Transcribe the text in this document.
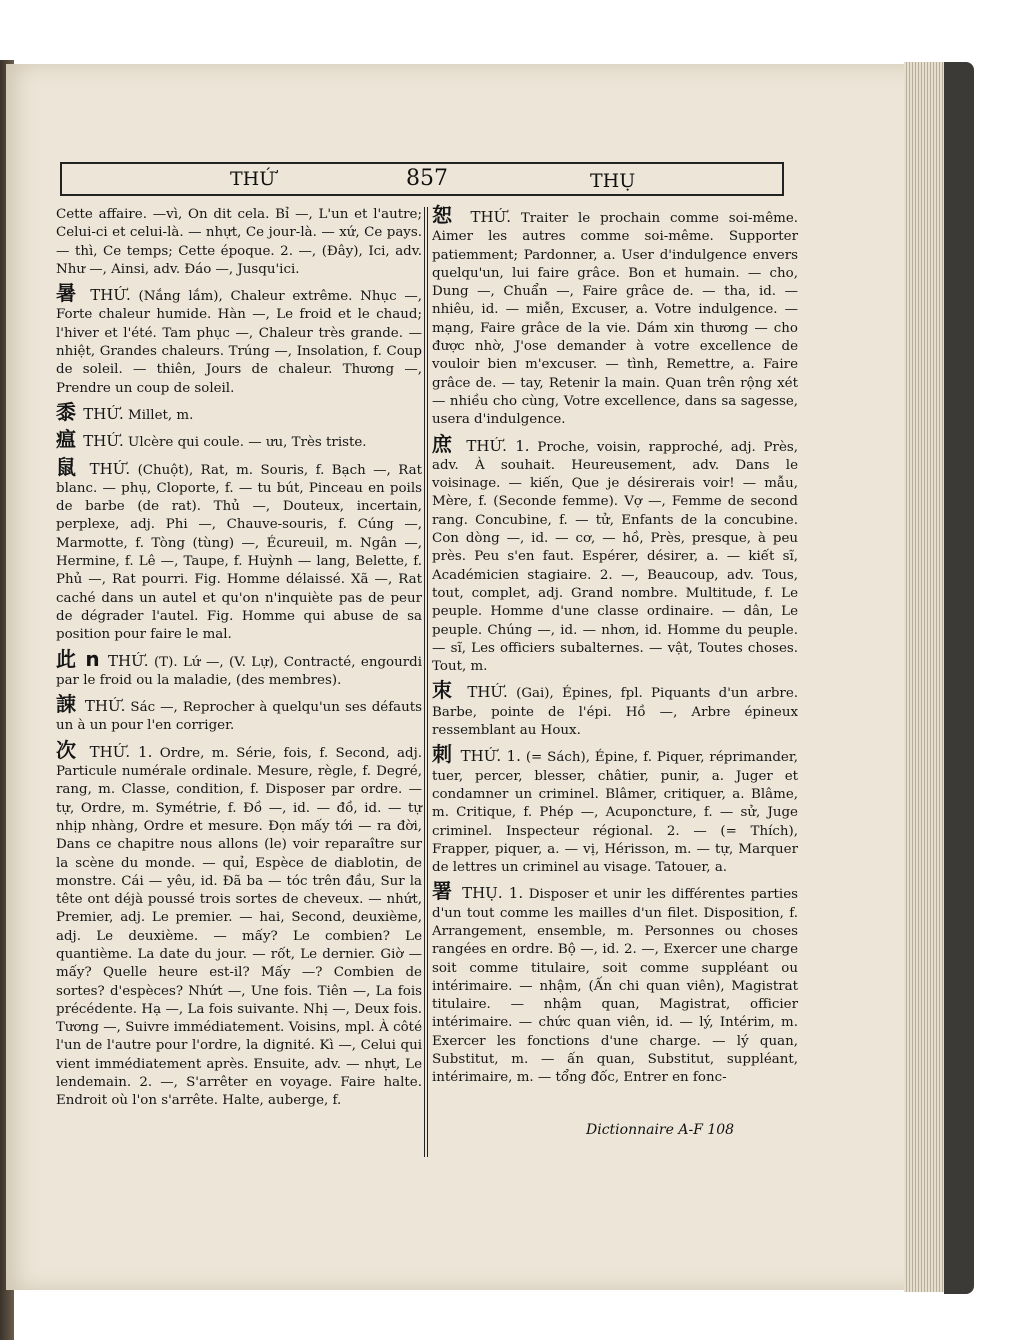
THỨ	857	THỤ

Cette affaire. —vì, On dit cela. Bỉ —, L'un et l'autre; Celui-ci et celui-là. — nhựt, Ce jour-là. — xứ, Ce pays. — thì, Ce temps; Cette époque. 2. —, (Đây), Ici, adv. Như —, Ainsi, adv. Đáo —, Jusqu'ici.

暑 THỨ. (Nắng lắm), Chaleur extrême. Nhục —, Forte chaleur humide. Hàn —, Le froid et le chaud; l'hiver et l'été. Tam phục —, Chaleur très grande. — nhiệt, Grandes chaleurs. Trúng —, Insolation, f. Coup de soleil. — thiên, Jours de chaleur. Thương —, Prendre un coup de soleil.

黍 THỨ. Millet, m.

瘟 THỨ. Ulcère qui coule. — ưu, Très triste.

鼠 THỨ. (Chuột), Rat, m. Souris, f. Bạch —, Rat blanc. — phụ, Cloporte, f. — tu bút, Pinceau en poils de barbe (de rat). Thủ —, Douteux, incertain, perplexe, adj. Phi —, Chauve-souris, f. Cúng —, Marmotte, f. Tòng (tùng) —, Écureuil, m. Ngân —, Hermine, f. Lê —, Taupe, f. Huỳnh — lang, Belette, f. Phủ —, Rat pourri. Fig. Homme délaissé. Xã —, Rat caché dans un autel et qu'on n'inquiète pas de peur de dégrader l'autel. Fig. Homme qui abuse de sa position pour faire le mal.

此 n THỨ. (T). Lứ —, (V. Lự), Contracté, engourdi par le froid ou la maladie, (des membres).

誎 THỨ. Sác —, Reprocher à quelqu'un ses défauts un à un pour l'en corriger.

次 THỨ. 1. Ordre, m. Série, fois, f. Second, adj. Particule numérale ordinale. Mesure, règle, f. Degré, rang, m. Classe, condition, f. Disposer par ordre. — tự, Ordre, m. Symétrie, f. Đồ —, id. — đồ, id. — tự nhịp nhàng, Ordre et mesure. Đọn mấy tới — ra đời, Dans ce chapitre nous allons (le) voir reparaître sur la scène du monde. — quỉ, Espèce de diablotin, de monstre. Cái — yêu, id. Đã ba — tóc trên đầu, Sur la tête ont déjà poussé trois sortes de cheveux. — nhứt, Premier, adj. Le premier. — hai, Second, deuxième, adj. Le deuxième. — mấy? Le combien? Le quantième. La date du jour. — rốt, Le dernier. Giờ — mấy? Quelle heure est-il? Mấy —? Combien de sortes? d'espèces? Nhứt —, Une fois. Tiên —, La fois précédente. Hạ —, La fois suivante. Nhị —, Deux fois. Tương —, Suivre immédiatement. Voisins, mpl. À côté l'un de l'autre pour l'ordre, la dignité. Kì —, Celui qui vient immédiatement après. Ensuite, adv. — nhựt, Le lendemain. 2. —, S'arrêter en voyage. Faire halte. Endroit où l'on s'arrête. Halte, auberge, f.

恕 THỨ. Traiter le prochain comme soi-même. Aimer les autres comme soi-même. Supporter patiemment; Pardonner, a. User d'indulgence envers quelqu'un, lui faire grâce. Bon et humain. — cho, Dung —, Chuẩn —, Faire grâce de. — tha, id. — nhiêu, id. — miễn, Excuser, a. Votre indulgence. — mạng, Faire grâce de la vie. Dám xin thương — cho được nhờ, J'ose demander à votre excellence de vouloir bien m'excuser. — tình, Remettre, a. Faire grâce de. — tay, Retenir la main. Quan trên rộng xét — nhiều cho cùng, Votre excellence, dans sa sagesse, usera d'indulgence.

庶 THỨ. 1. Proche, voisin, rapproché, adj. Près, adv. À souhait. Heureusement, adv. Dans le voisinage. — kiến, Que je désirerais voir! — mẫu, Mère, f. (Seconde femme). Vợ —, Femme de second rang. Concubine, f. — tử, Enfants de la concubine. Con dòng —, id. — cơ, — hồ, Près, presque, à peu près. Peu s'en faut. Espérer, désirer, a. — kiết sĩ, Académicien stagiaire. 2. —, Beaucoup, adv. Tous, tout, complet, adj. Grand nombre. Multitude, f. Le peuple. Homme d'une classe ordinaire. — dân, Le peuple. Chúng —, id. — nhơn, id. Homme du peuple. — sĩ, Les officiers subalternes. — vật, Toutes choses. Tout, m.

朿 THỨ. (Gai), Épines, fpl. Piquants d'un arbre. Barbe, pointe de l'épi. Hồ —, Arbre épineux ressemblant au Houx.

刺 THỨ. 1. (= Sách), Épine, f. Piquer, réprimander, tuer, percer, blesser, châtier, punir, a. Juger et condamner un criminel. Blâmer, critiquer, a. Blâme, m. Critique, f. Phép —, Acuponcture, f. — sử, Juge criminel. Inspecteur régional. 2. — (= Thích), Frapper, piquer, a. — vị, Hérisson, m. — tự, Marquer de lettres un criminel au visage. Tatouer, a.

署 THỤ. 1. Disposer et unir les différentes parties d'un tout comme les mailles d'un filet. Disposition, f. Arrangement, ensemble, m. Personnes ou choses rangées en ordre. Bộ —, id. 2. —, Exercer une charge soit comme titulaire, soit comme suppléant ou intérimaire. — nhậm, (Ấn chi quan viên), Magistrat titulaire. — nhậm quan, Magistrat, officier intérimaire. — chức quan viên, id. — lý, Intérim, m. Exercer les fonctions d'une charge. — lý quan, Substitut, m. — ấn quan, Substitut, suppléant, intérimaire, m. — tổng đốc, Entrer en fonc-

Dictionnaire A-F 108
